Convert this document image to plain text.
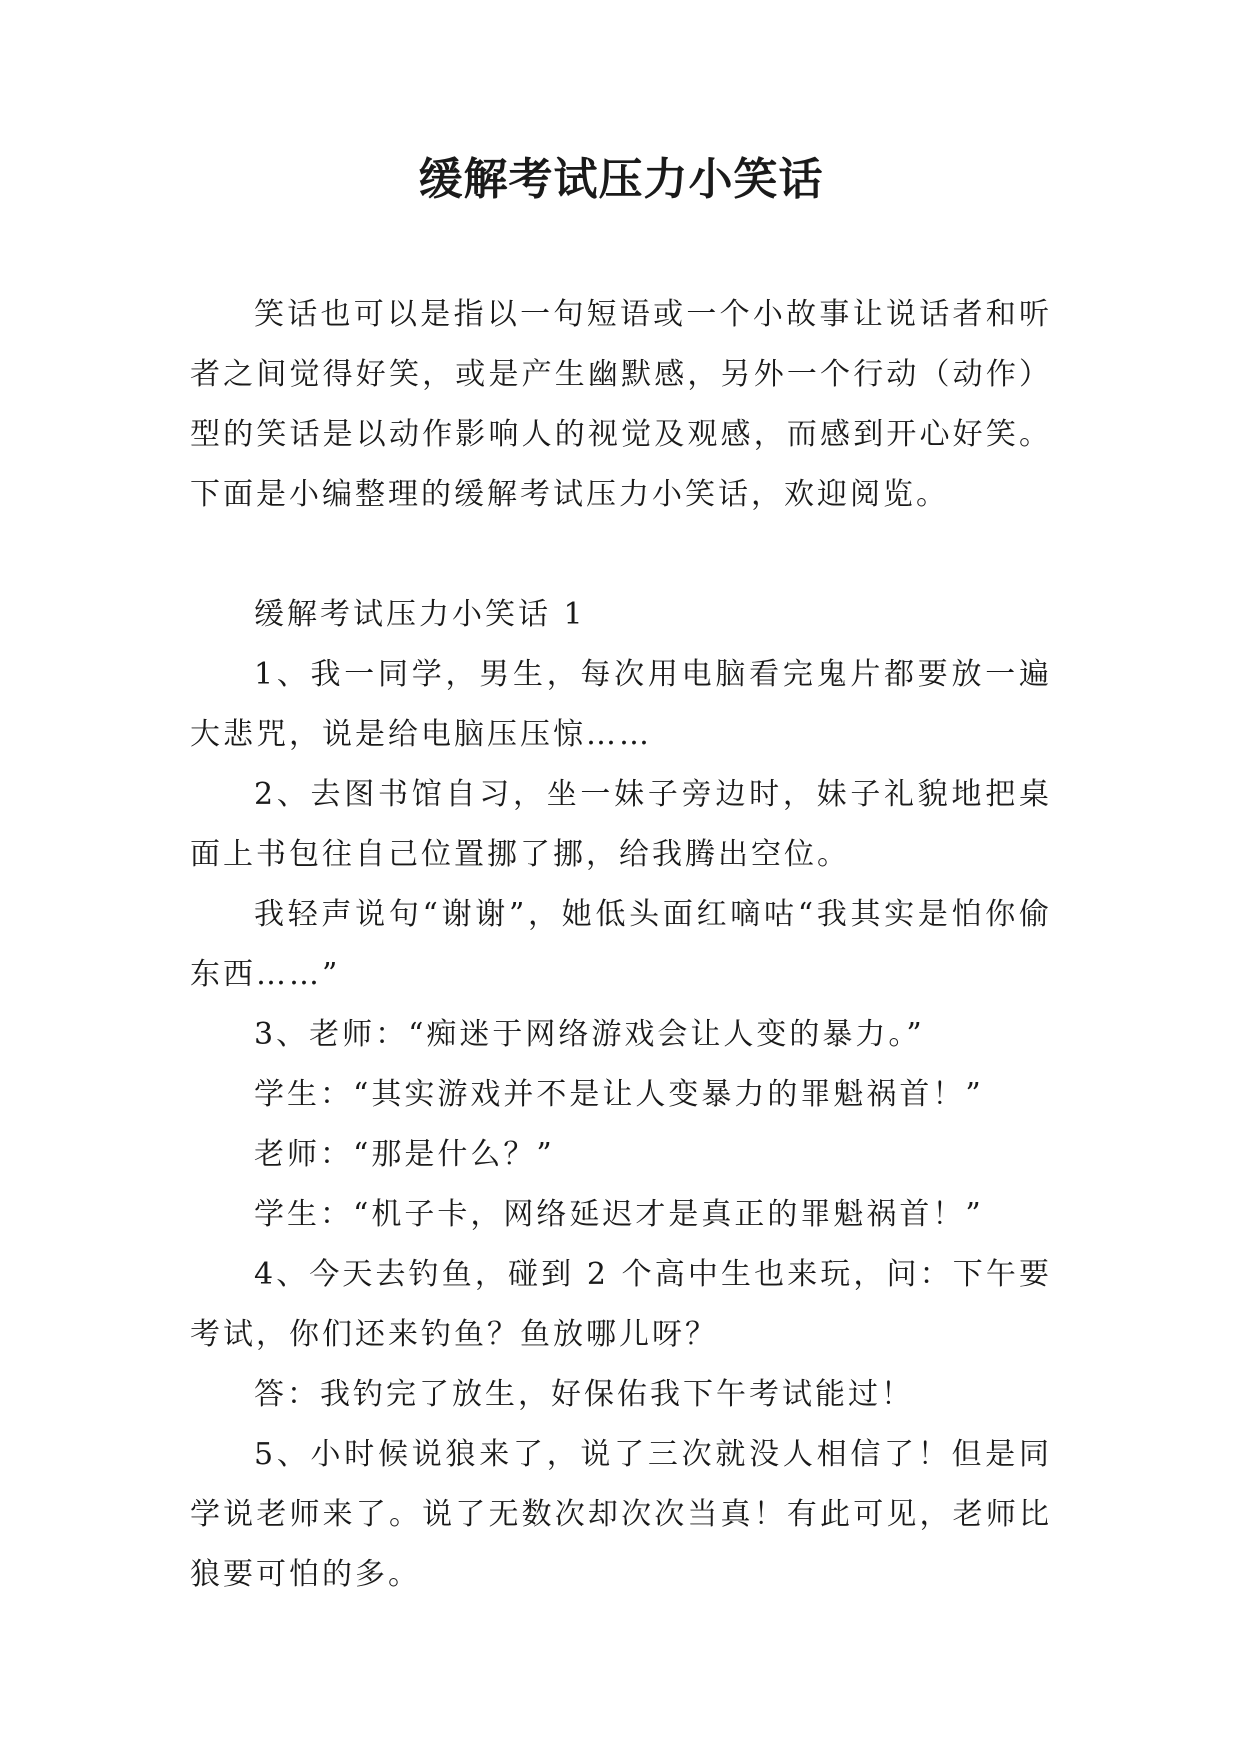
缓解考试压力小笑话

笑话也可以是指以一句短语或一个小故事让说话者和听者之间觉得好笑，或是产生幽默感，另外一个行动（动作）型的笑话是以动作影响人的视觉及观感，而感到开心好笑。下面是小编整理的缓解考试压力小笑话，欢迎阅览。

缓解考试压力小笑话 1

1、我一同学，男生，每次用电脑看完鬼片都要放一遍大悲咒，说是给电脑压压惊……

2、去图书馆自习，坐一妹子旁边时，妹子礼貌地把桌面上书包往自己位置挪了挪，给我腾出空位。

我轻声说句“谢谢”，她低头面红嘀咕“我其实是怕你偷东西……”

3、老师：“痴迷于网络游戏会让人变的暴力。”

学生：“其实游戏并不是让人变暴力的罪魁祸首！”

老师：“那是什么？”

学生：“机子卡，网络延迟才是真正的罪魁祸首！”

4、今天去钓鱼，碰到 2 个高中生也来玩，问：下午要考试，你们还来钓鱼？鱼放哪儿呀？

答：我钓完了放生，好保佑我下午考试能过！

5、小时候说狼来了，说了三次就没人相信了！但是同学说老师来了。说了无数次却次次当真！有此可见，老师比狼要可怕的多。
